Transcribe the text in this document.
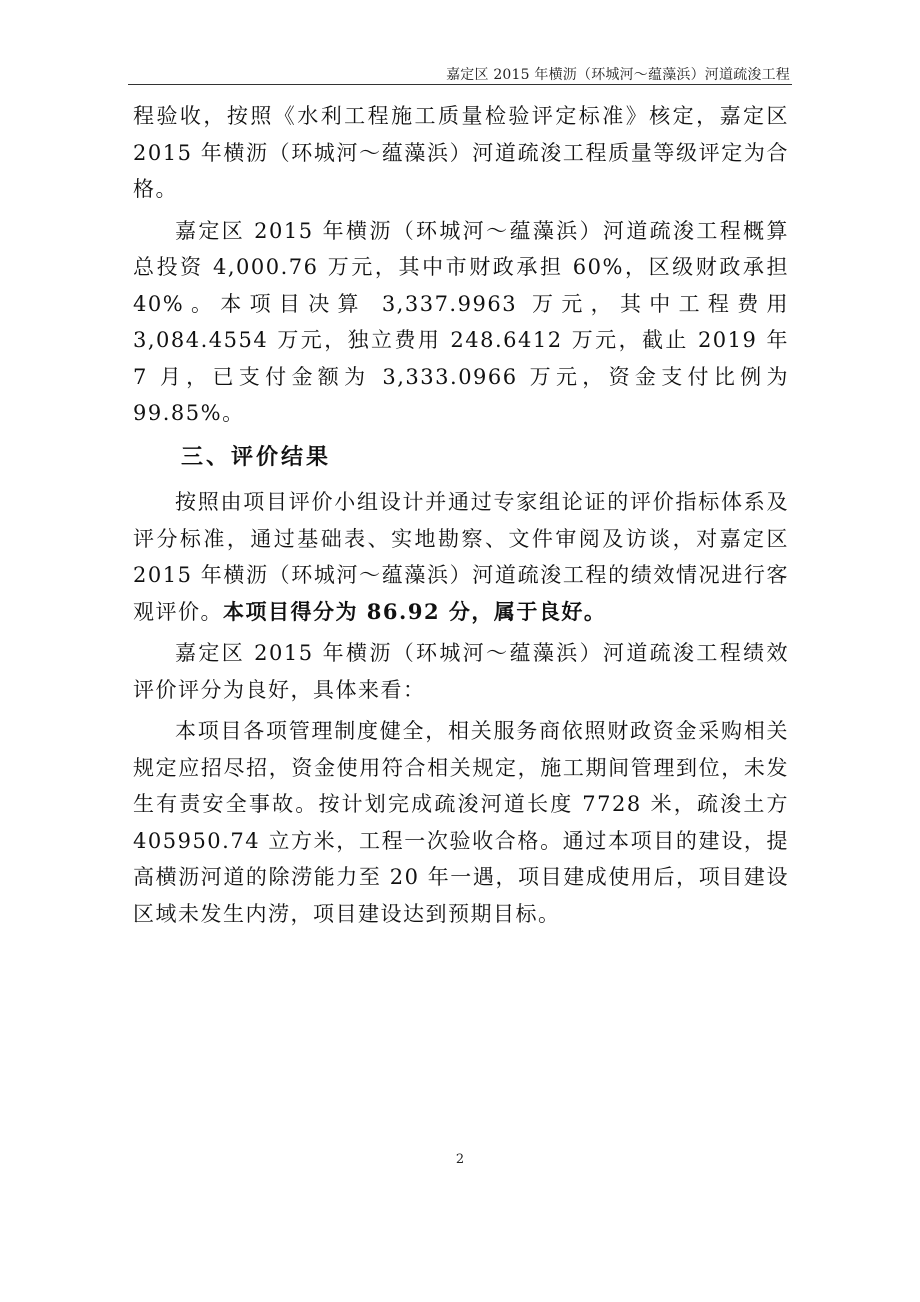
嘉定区 2015 年横沥（环城河～蕴藻浜）河道疏浚工程

程验收，按照《水利工程施工质量检验评定标准》核定，嘉定区 2015 年横沥（环城河～蕴藻浜）河道疏浚工程质量等级评定为合格。

嘉定区 2015 年横沥（环城河～蕴藻浜）河道疏浚工程概算总投资 4,000.76 万元，其中市财政承担 60%，区级财政承担 40%。本项目决算 3,337.9963 万元，其中工程费用 3,084.4554 万元，独立费用 248.6412 万元，截止 2019 年 7 月，已支付金额为 3,333.0966 万元，资金支付比例为 99.85%。

三、评价结果

按照由项目评价小组设计并通过专家组论证的评价指标体系及评分标准，通过基础表、实地勘察、文件审阅及访谈，对嘉定区 2015 年横沥（环城河～蕴藻浜）河道疏浚工程的绩效情况进行客观评价。本项目得分为 86.92 分，属于良好。

嘉定区 2015 年横沥（环城河～蕴藻浜）河道疏浚工程绩效评价评分为良好，具体来看：

本项目各项管理制度健全，相关服务商依照财政资金采购相关规定应招尽招，资金使用符合相关规定，施工期间管理到位，未发生有责安全事故。按计划完成疏浚河道长度 7728 米，疏浚土方 405950.74 立方米，工程一次验收合格。通过本项目的建设，提高横沥河道的除涝能力至 20 年一遇，项目建成使用后，项目建设区域未发生内涝，项目建设达到预期目标。

2
